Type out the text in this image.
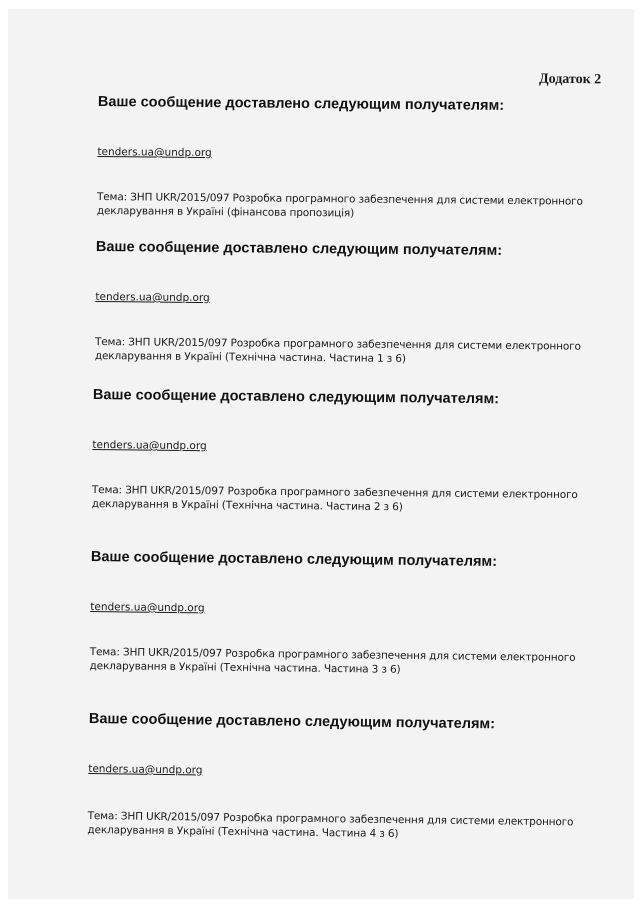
Додаток 2

Ваше сообщение доставлено следующим получателям:

tenders.ua@undp.org
Тема: ЗНП UKR/2015/097 Розробка програмного забезпечення для системи електронного
декларування в Україні (фінансова пропозиція)

Ваше сообщение доставлено следующим получателям:

tenders.ua@undp.org
Тема: ЗНП UKR/2015/097 Розробка програмного забезпечення для системи електронного
декларування в Україні (Технічна частина. Частина 1 з 6)

Ваше сообщение доставлено следующим получателям:

tenders.ua@undp.org
Тема: ЗНП UKR/2015/097 Розробка програмного забезпечення для системи електронного
декларування в Україні (Технічна частина. Частина 2 з 6)

Ваше сообщение доставлено следующим получателям:

tenders.ua@undp.org
Тема: ЗНП UKR/2015/097 Розробка програмного забезпечення для системи електронного
декларування в Україні (Технічна частина. Частина 3 з 6)

Ваше сообщение доставлено следующим получателям:

tenders.ua@undp.org
Тема: ЗНП UKR/2015/097 Розробка програмного забезпечення для системи електронного
декларування в Україні (Технічна частина. Частина 4 з 6)
